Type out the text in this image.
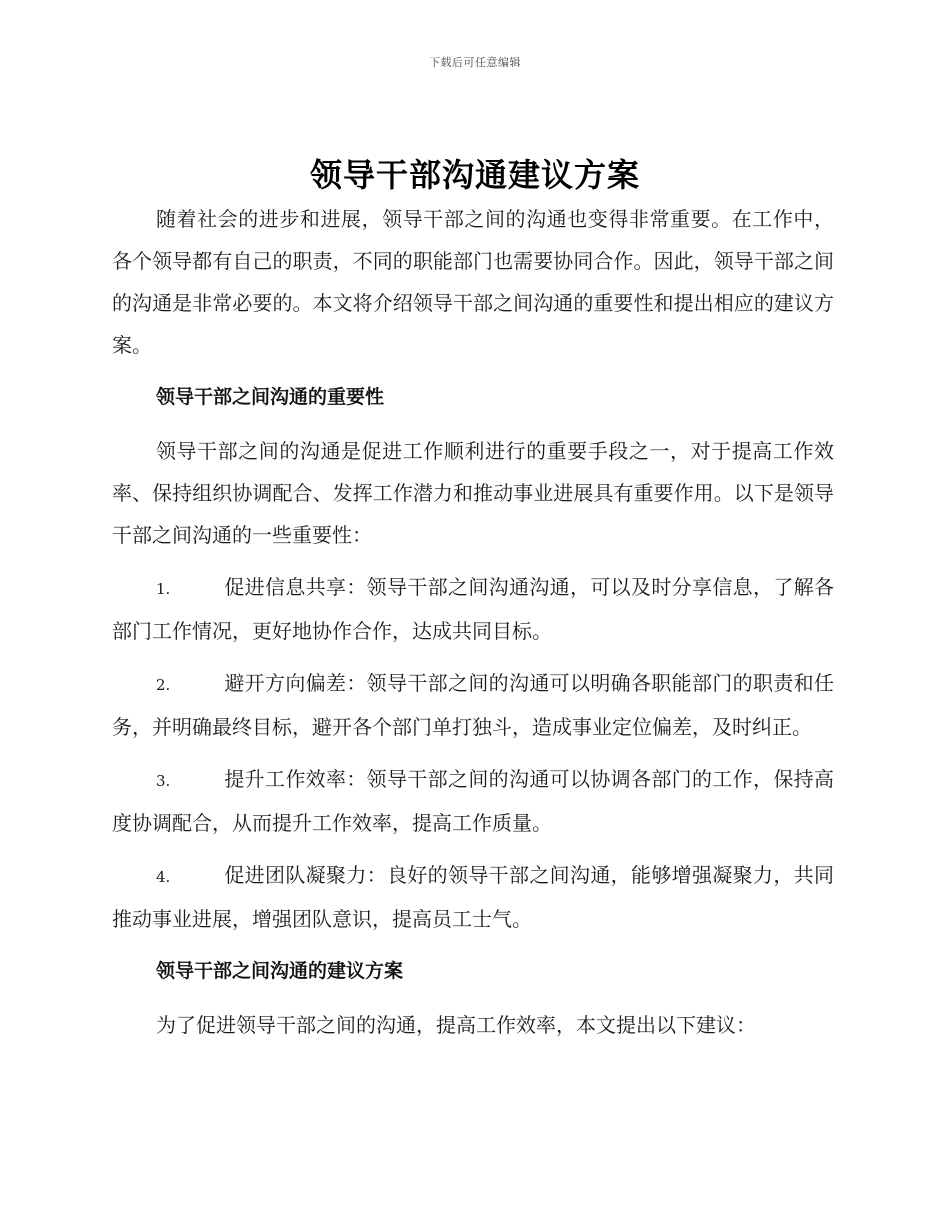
下载后可任意编辑
领导干部沟通建议方案

随着社会的进步和进展，领导干部之间的沟通也变得非常重要。在工作中，各个领导都有自己的职责，不同的职能部门也需要协同合作。因此，领导干部之间的沟通是非常必要的。本文将介绍领导干部之间沟通的重要性和提出相应的建议方案。

领导干部之间沟通的重要性

领导干部之间的沟通是促进工作顺利进行的重要手段之一，对于提高工作效率、保持组织协调配合、发挥工作潜力和推动事业进展具有重要作用。以下是领导干部之间沟通的一些重要性：

1.	促进信息共享：领导干部之间沟通沟通，可以及时分享信息，了解各部门工作情况，更好地协作合作，达成共同目标。
2.	避开方向偏差：领导干部之间的沟通可以明确各职能部门的职责和任务，并明确最终目标，避开各个部门单打独斗，造成事业定位偏差，及时纠正。
3.	提升工作效率：领导干部之间的沟通可以协调各部门的工作，保持高度协调配合，从而提升工作效率，提高工作质量。
4.	促进团队凝聚力：良好的领导干部之间沟通，能够增强凝聚力，共同推动事业进展，增强团队意识，提高员工士气。
领导干部之间沟通的建议方案

为了促进领导干部之间的沟通，提高工作效率，本文提出以下建议：
